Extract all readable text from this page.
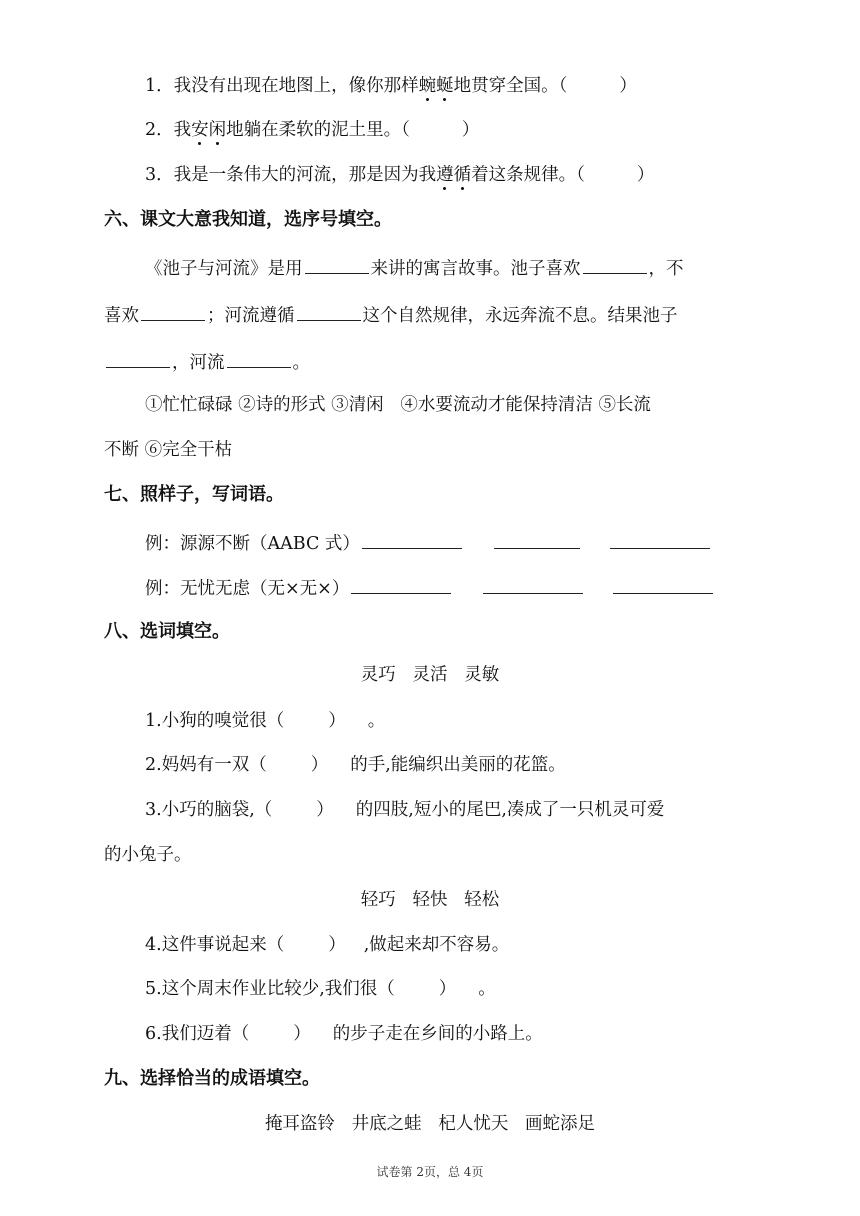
1．我没有出现在地图上，像你那样蜿蜒地贯穿全国。（	）
2．我安闲地躺在柔软的泥土里。（	）
3．我是一条伟大的河流，那是因为我遵循着这条规律。（	）
六、课文大意我知道，选序号填空。
《池子与河流》是用	来讲的寓言故事。池子喜欢	，不
喜欢	；河流遵循	这个自然规律，永远奔流不息。结果池子
，河流	。
①忙忙碌碌 ②诗的形式 ③清闲 ④水要流动才能保持清洁 ⑤长流
不断 ⑥完全干枯
七、照样子，写词语。
例：源源不断（AABC 式）
例：无忧无虑（无×无×）
八、选词填空。
灵巧 灵活 灵敏
1.小狗的嗅觉很（	） 。
2.妈妈有一双（	） 的手,能编织出美丽的花篮。
3.小巧的脑袋,（	） 的四肢,短小的尾巴,凑成了一只机灵可爱
的小兔子。
轻巧 轻快 轻松
4.这件事说起来（	） ,做起来却不容易。
5.这个周末作业比较少,我们很（	） 。
6.我们迈着（	） 的步子走在乡间的小路上。
九、选择恰当的成语填空。
掩耳盗铃 井底之蛙 杞人忧天 画蛇添足
试卷第 2页，总 4页
